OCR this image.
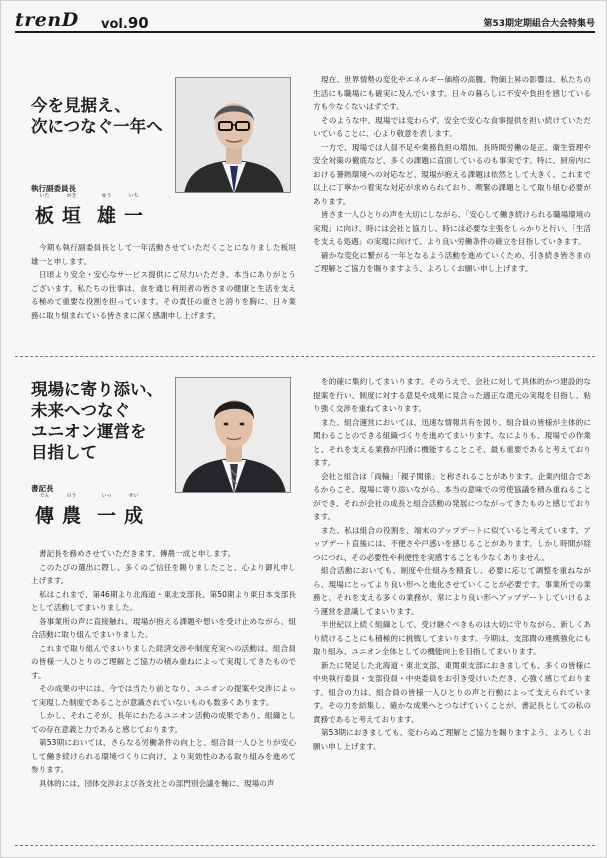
trenD vol.90	第53期定期組合大会特集号
今を見据え、
次につなぐ一年へ
執行副委員長
いた
板
がき
垣
ゆう
雄
いち
一

今期も執行副委員長として一年活動させていただくことになりました板垣雄一と申します。

日頃より安全・安心なサービス提供にご尽力いただき、本当にありがとうございます。私たちの仕事は、食を通じ利用者の皆さまの健康と生活を支える極めて重要な役割を担っています。その責任の重さと誇りを胸に、日々業務に取り組まれている皆さまに深く感謝申し上げます。

現在、世界情勢の変化やエネルギー価格の高騰、物価上昇の影響は、私たちの生活にも職場にも確実に及んでいます。日々の暮らしに不安や負担を感じている方も少なくないはずです。

そのような中、現場では変わらず、安全で安心な食事提供を担い続けていただいていることに、心より敬意を表します。

一方で、現場では人員不足や業務負担の増加、長時間労働の是正、衛生管理や安全対策の徹底など、多くの課題に直面しているのも事実です。特に、厨房内における暑熱環境への対応など、現場が抱える課題は依然として大きく、これまで以上に丁寧かつ着実な対応が求められており、喫緊の課題として取り組む必要があります。

皆さま一人ひとりの声を大切にしながら、「安心して働き続けられる職場環境の実現」に向け、時には会社と協力し、時には必要な主張をしっかりと行い、「生活を支える処遇」の実現に向けて、より良い労働条件の確立を目指していきます。

確かな変化に繋がる一年となるよう活動を進めていくため、引き続き皆さまのご理解とご協力を賜りますよう、よろしくお願い申し上げます。

現場に寄り添い、
未来へつなぐ
ユニオン運営を
目指して
書記長
でん
傳
のう
農
いっ
一
せい
成

書記長を務めさせていただきます、傳農一成と申します。

このたびの選出に際し、多くのご信任を賜りましたこと、心より御礼申し上げます。

私はこれまで、第46期より北海道・東北支部長、第50期より東日本支部長として活動してまいりました。

各事業所の声に直接触れ、現場が抱える課題や想いを受け止めながら、組合活動に取り組んでまいりました。

これまで取り組んでまいりました経済交渉や制度充実への活動は、組合員の皆様一人ひとりのご理解とご協力の積み重ねによって実現してきたものです。

その成果の中には、今では当たり前となり、ユニオンの提案や交渉によって実現した制度であることが意識されていないものも数多くあります。

しかし、それこそが、長年にわたるユニオン活動の成果であり、組織としての存在意義と力であると感じております。

第53期においては、さらなる労働条件の向上と、組合員一人ひとりが安心して働き続けられる環境づくりに向け、より実効性のある取り組みを進めて参ります。

具体的には、団体交渉および各支社との部門別会議を軸に、現場の声

を的確に集約してまいります。そのうえで、会社に対して具体的かつ建設的な提案を行い、制度に対する意見や成果に見合った適正な還元の実現を目指し、粘り強く交渉を重ねてまいります。

また、組合運営においては、迅速な情報共有を図り、組合員の皆様が主体的に関わることのできる組織づくりを進めてまいります。なによりも、現場での作業と、それを支える業務が円滑に機能することこそ、最も重要であると考えております。

会社と組合は「両輪」「親子関係」と称されることがあります。企業内組合であるからこそ、現場に寄り添いながら、本当の意味での労使協議を積み重ねることができ、それが会社の成長と組合活動の発展につながってきたものと感じております。

また、私は組合の役割を、端末のアップデートに似ていると考えています。アップデート直後には、不便さや戸惑いを感じることがあります。しかし時間が経つにつれ、その必要性や利便性を実感することも少なくありません。

組合活動においても、制度や仕組みを精査し、必要に応じて調整を重ねながら、現場にとってより良い形へと進化させていくことが必要です。事業所での業務と、それを支える多くの業務が、常により良い形へアップデートしていけるよう運営を意識してまいります。

半世紀以上続く組織として、受け継ぐべきものは大切に守りながら、新しくあり続けることにも積極的に挑戦してまいります。今期は、支部間の連携強化にも取り組み、ユニオン全体としての機能向上を目指してまいります。

新たに発足した北海道・東北支部、東関東支部におきましても、多くの皆様に中央執行委員・支部役員・中央委員をお引き受けいただき、心強く感じております。組合の力は、組合員の皆様一人ひとりの声と行動によって支えられています。その力を結集し、確かな成果へとつなげていくことが、書記長としての私の責務であると考えております。

第53期におきましても、変わらぬご理解とご協力を賜りますよう、よろしくお願い申し上げます。
